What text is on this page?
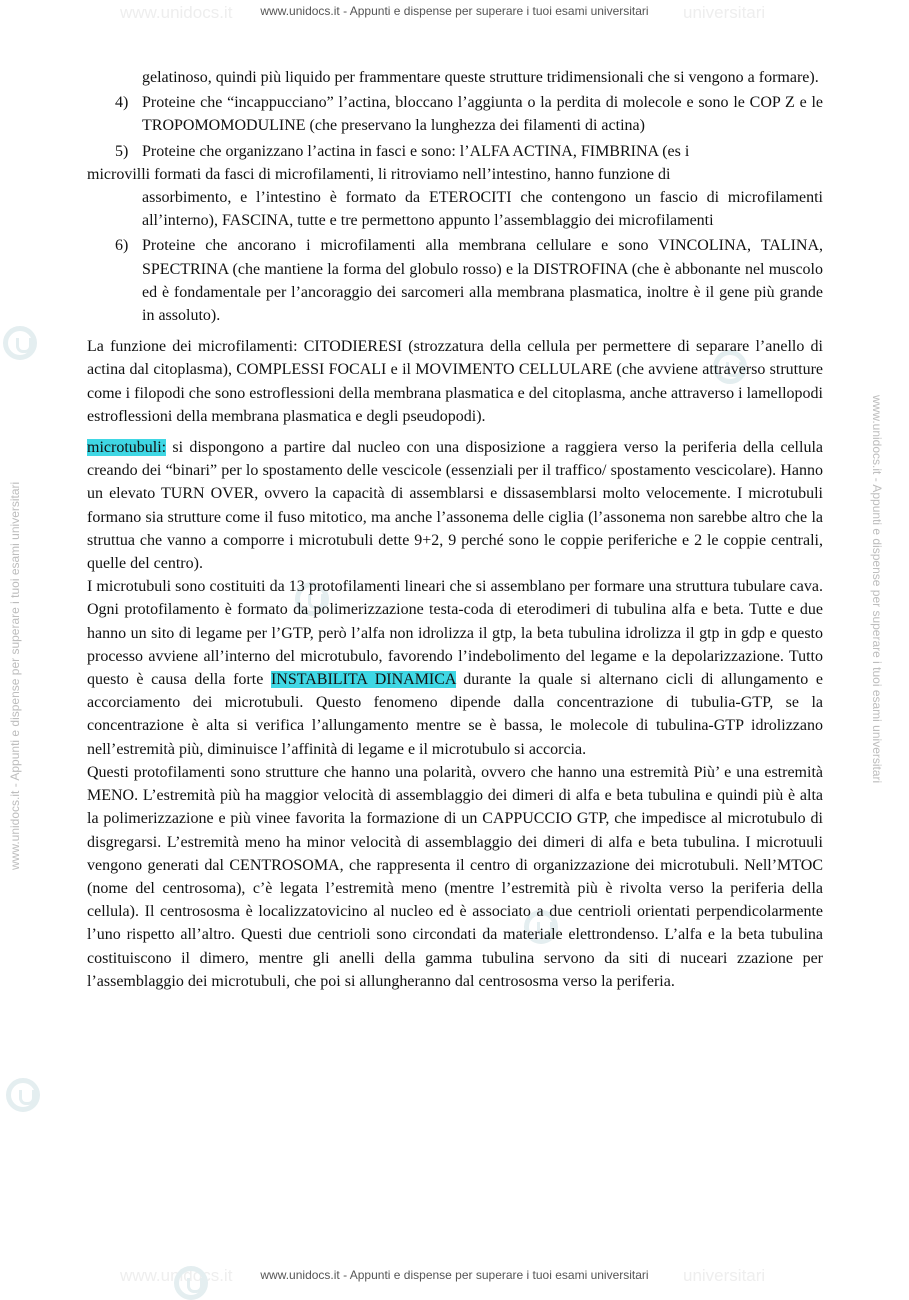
www.unidocs.it	universitari
www.unidocs.it - Appunti e dispense per superare i tuoi esami universitari
www.unidocs.it	universitari
www.unidocs.it - Appunti e dispense per superare i tuoi esami universitari
www.unidocs.it - Appunti e dispense per superare i tuoi esami universitari	www.unidocs.it - Appunti e dispense per superare i tuoi esami universitari

gelatinoso, quindi più liquido per frammentare queste strutture tridimensionali che si vengono a formare).

4) Proteine che “incappucciano” l’actina, bloccano l’aggiunta o la perdita di molecole e sono le COP Z e le TROPOMOMODULINE (che preservano la lunghezza dei filamenti di actina)

5) Proteine che organizzano l’actina in fasci e sono: l’ALFA ACTINA, FIMBRINA (es i

microvilli formati da fasci di microfilamenti, li ritroviamo nell’intestino, hanno funzione di

assorbimento, e l’intestino è formato da ETEROCITI che contengono un fascio di microfilamenti all’interno), FASCINA, tutte e tre permettono appunto l’assemblaggio dei microfilamenti

6) Proteine che ancorano i microfilamenti alla membrana cellulare e sono VINCOLINA, TALINA, SPECTRINA (che mantiene la forma del globulo rosso) e la DISTROFINA (che è abbonante nel muscolo ed è fondamentale per l’ancoraggio dei sarcomeri alla membrana plasmatica, inoltre è il gene più grande in assoluto).

La funzione dei microfilamenti: CITODIERESI (strozzatura della cellula per permettere di separare l’anello di actina dal citoplasma), COMPLESSI FOCALI e il MOVIMENTO CELLULARE (che avviene attraverso strutture come i filopodi che sono estroflessioni della membrana plasmatica e del citoplasma, anche attraverso i lamellopodi estroflessioni della membrana plasmatica e degli pseudopodi).

microtubuli: si dispongono a partire dal nucleo con una disposizione a raggiera verso la periferia della cellula creando dei “binari” per lo spostamento delle vescicole (essenziali per il traffico/ spostamento vescicolare). Hanno un elevato TURN OVER, ovvero la capacità di assemblarsi e dissasemblarsi molto velocemente. I microtubuli formano sia strutture come il fuso mitotico, ma anche l’assonema delle ciglia (l’assonema non sarebbe altro che la struttua che vanno a comporre i microtubuli dette 9+2, 9 perché sono le coppie periferiche e 2 le coppie centrali, quelle del centro).

I microtubuli sono costituiti da 13 protofilamenti lineari che si assemblano per formare una struttura tubulare cava. Ogni protofilamento è formato da polimerizzazione testa-coda di eterodimeri di tubulina alfa e beta. Tutte e due hanno un sito di legame per l’GTP, però l’alfa non idrolizza il gtp, la beta tubulina idrolizza il gtp in gdp e questo processo avviene all’interno del microtubulo, favorendo l’indebolimento del legame e la depolarizzazione. Tutto questo è causa della forte INSTABILITA DINAMICA durante la quale si alternano cicli di allungamento e accorciamento dei microtubuli. Questo fenomeno dipende dalla concentrazione di tubulia-GTP, se la concentrazione è alta si verifica l’allungamento mentre se è bassa, le molecole di tubulina-GTP idrolizzano nell’estremità più, diminuisce l’affinità di legame e il microtubulo si accorcia.

Questi protofilamenti sono strutture che hanno una polarità, ovvero che hanno una estremità Più’ e una estremità MENO. L’estremità più ha maggior velocità di assemblaggio dei dimeri di alfa e beta tubulina e quindi più è alta la polimerizzazione e più vinee favorita la formazione di un CAPPUCCIO GTP, che impedisce al microtubulo di disgregarsi. L’estremità meno ha minor velocità di assemblaggio dei dimeri di alfa e beta tubulina. I microtuuli vengono generati dal CENTROSOMA, che rappresenta il centro di organizzazione dei microtubuli. Nell’MTOC (nome del centrosoma), c’è legata l’estremità meno (mentre l’estremità più è rivolta verso la periferia della cellula). Il centrososma è localizzatovicino al nucleo ed è associato a due centrioli orientati perpendicolarmente l’uno rispetto all’altro. Questi due centrioli sono circondati da materiale elettrondenso. L’alfa e la beta tubulina costituiscono il dimero, mentre gli anelli della gamma tubulina servono da siti di nuceari zzazione per l’assemblaggio dei microtubuli, che poi si allungheranno dal centrososma verso la periferia.
